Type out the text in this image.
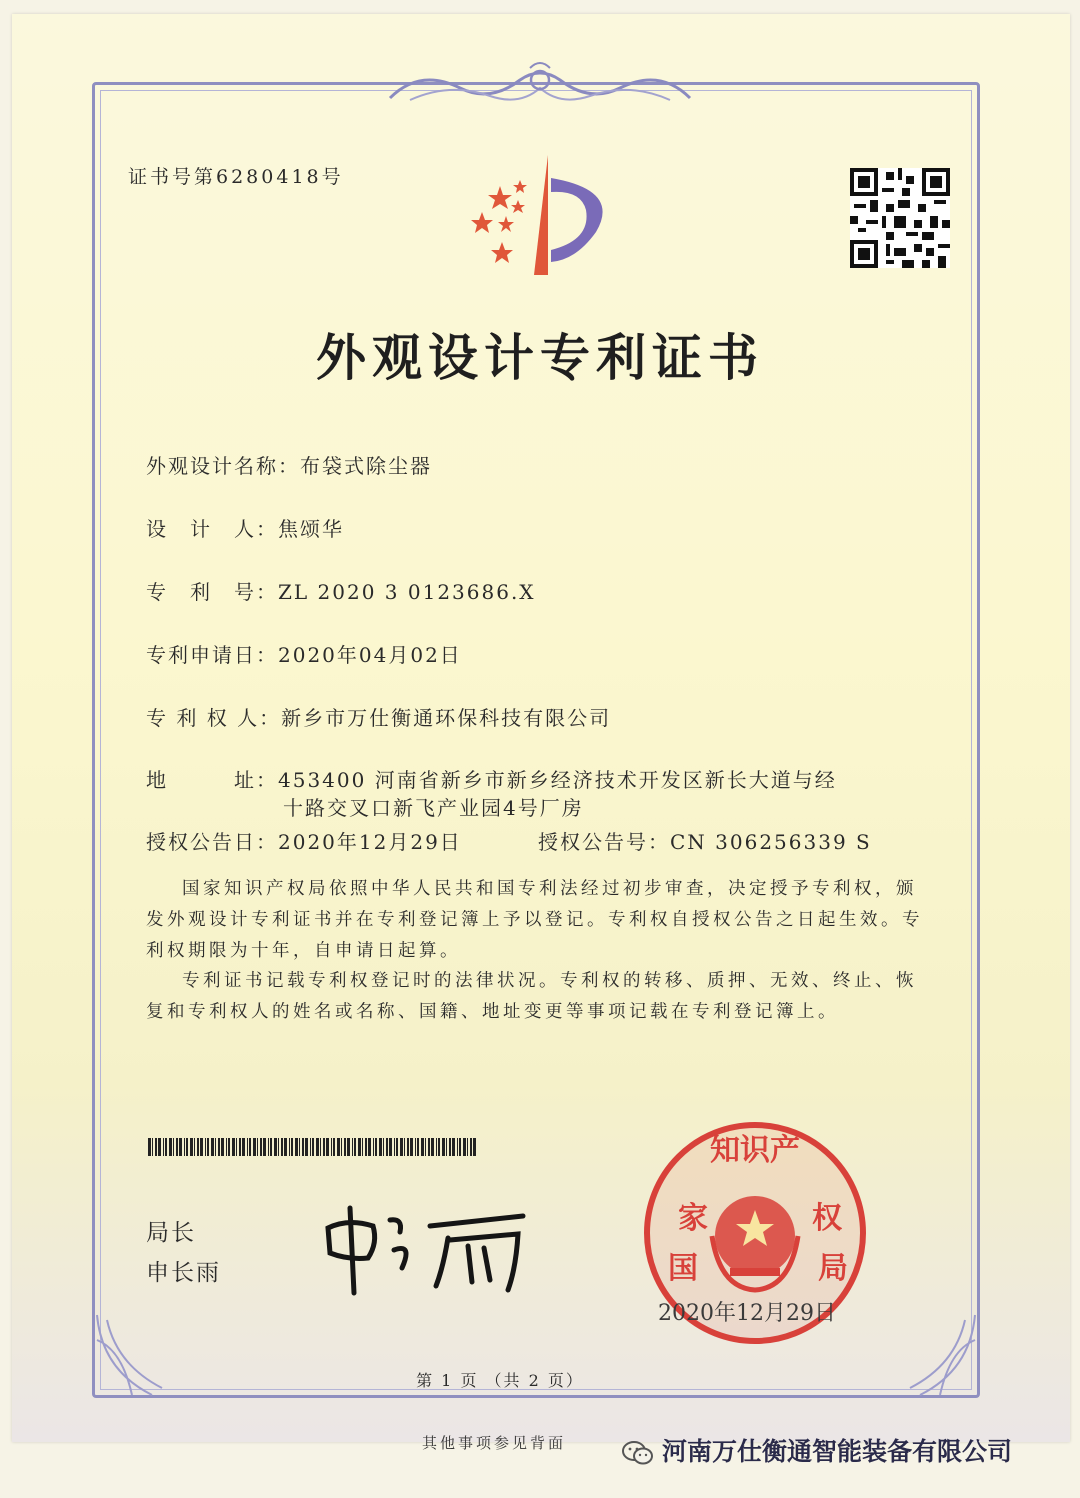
证书号第6280418号
外观设计专利证书
外观设计名称：布袋式除尘器
设　计　人：焦颂华
专　利　号：ZL 2020 3 0123686.X
专利申请日：2020年04月02日
专 利 权 人：新乡市万仕衡通环保科技有限公司
地　　　址：453400 河南省新乡市新乡经济技术开发区新长大道与经
十路交叉口新飞产业园4号厂房
授权公告日：2020年12月29日	授权公告号：CN 306256339 S
国家知识产权局依照中华人民共和国专利法经过初步审查，决定授予专利权，颁发外观设计专利证书并在专利登记簿上予以登记。专利权自授权公告之日起生效。专利权期限为十年，自申请日起算。
专利证书记载专利权登记时的法律状况。专利权的转移、质押、无效、终止、恢复和专利权人的姓名或名称、国籍、地址变更等事项记载在专利登记簿上。
局长
申长雨
知识产
家
国
权
局
2020年12月29日
第 1 页 （共 2 页）
其他事项参见背面	河南万仕衡通智能装备有限公司
